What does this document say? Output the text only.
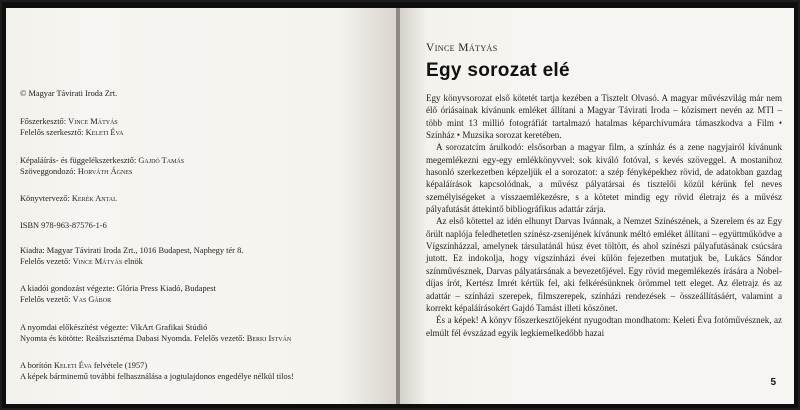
© Magyar Távirati Iroda Zrt.
Főszerkesztő: Vince Mátyás
Felelős szerkesztő: Keleti Éva
Képaláírás- és függelékszerkesztő: Gajdó Tamás
Szöveggondozó: Horváth Ágnes
Könyvtervező: Kerék Antal
ISBN 978-963-87576-1-6
Kiadta: Magyar Távirati Iroda Zrt., 1016 Budapest, Naphegy tér 8.
Felelős vezető: Vince Mátyás elnök
A kiadói gondozást végezte: Glória Press Kiadó, Budapest
Felelős vezető: Vas Gábor
A nyomdai előkészítést végezte: VikArt Grafikai Stúdió
Nyomta és kötötte: Reálszisztéma Dabasi Nyomda. Felelős vezető: Berki István
A borítón Keleti Éva felvétele (1957)
A képek bárminemű további felhasználása a jogtulajdonos engedélye nélkül tilos!
Vince Mátyás
Egy sorozat elé

Egy könyvsorozat első kötetét tartja kezében a Tisztelt Olvasó. A magyar művészvilág már nem élő óriásainak kívánunk emléket állítani a Magyar Távirati Iroda – közismert nevén az MTI – több mint 13 millió fotográfiát tartalmazó hatalmas képarchívumára támaszkodva a Film • Színház • Muzsika sorozat keretében.

A sorozatcím árulkodó: elsősorban a magyar film, a színház és a zene nagyjairól kívánunk megemlékezni egy-egy emlékkönyvvel: sok kiváló fotóval, s kevés szöveggel. A mostanihoz hasonló szerkezetben képzeljük el a sorozatot: a szép fényképekhez rövid, de adatokban gazdag képaláírások kapcsolódnak, a művész pályatársai és tisztelői közül kérünk fel neves személyiségeket a visszaemlékezésre, s a kötetet mindig egy rövid életrajz és a művész pályafutását áttekintő bibliográfikus adattár zárja.

Az első kötettel az idén elhunyt Darvas Ivánnak, a Nemzet Színészének, a Szerelem és az Egy őrült naplója feledhetetlen színész-zsenijének kívánunk méltó emléket állítani – együttműködve a Vígszínházzal, amelynek társulatánál húsz évet töltött, és ahol színészi pályafutásának csúcsára jutott. Ez indokolja, hogy vígszínházi évei külön fejezetben mutatjuk be, Lukács Sándor színművésznek, Darvas pályatársának a bevezetőjével. Egy rövid megemlékezés írására a Nobel-díjas írót, Kertész Imrét kértük fel, aki felkérésünknek örömmel tett eleget. Az életrajz és az adattár – színházi szerepek, filmszerepek, színházi rendezések – összeállításáért, valamint a korrekt képaláírásokért Gajdó Tamást illeti köszönet.

És a képek! A könyv főszerkesztőjeként nyugodtan mondhatom: Keleti Éva fotóművésznek, az elmúlt fél évszázad egyik legkiemelkedőbb hazai

5
